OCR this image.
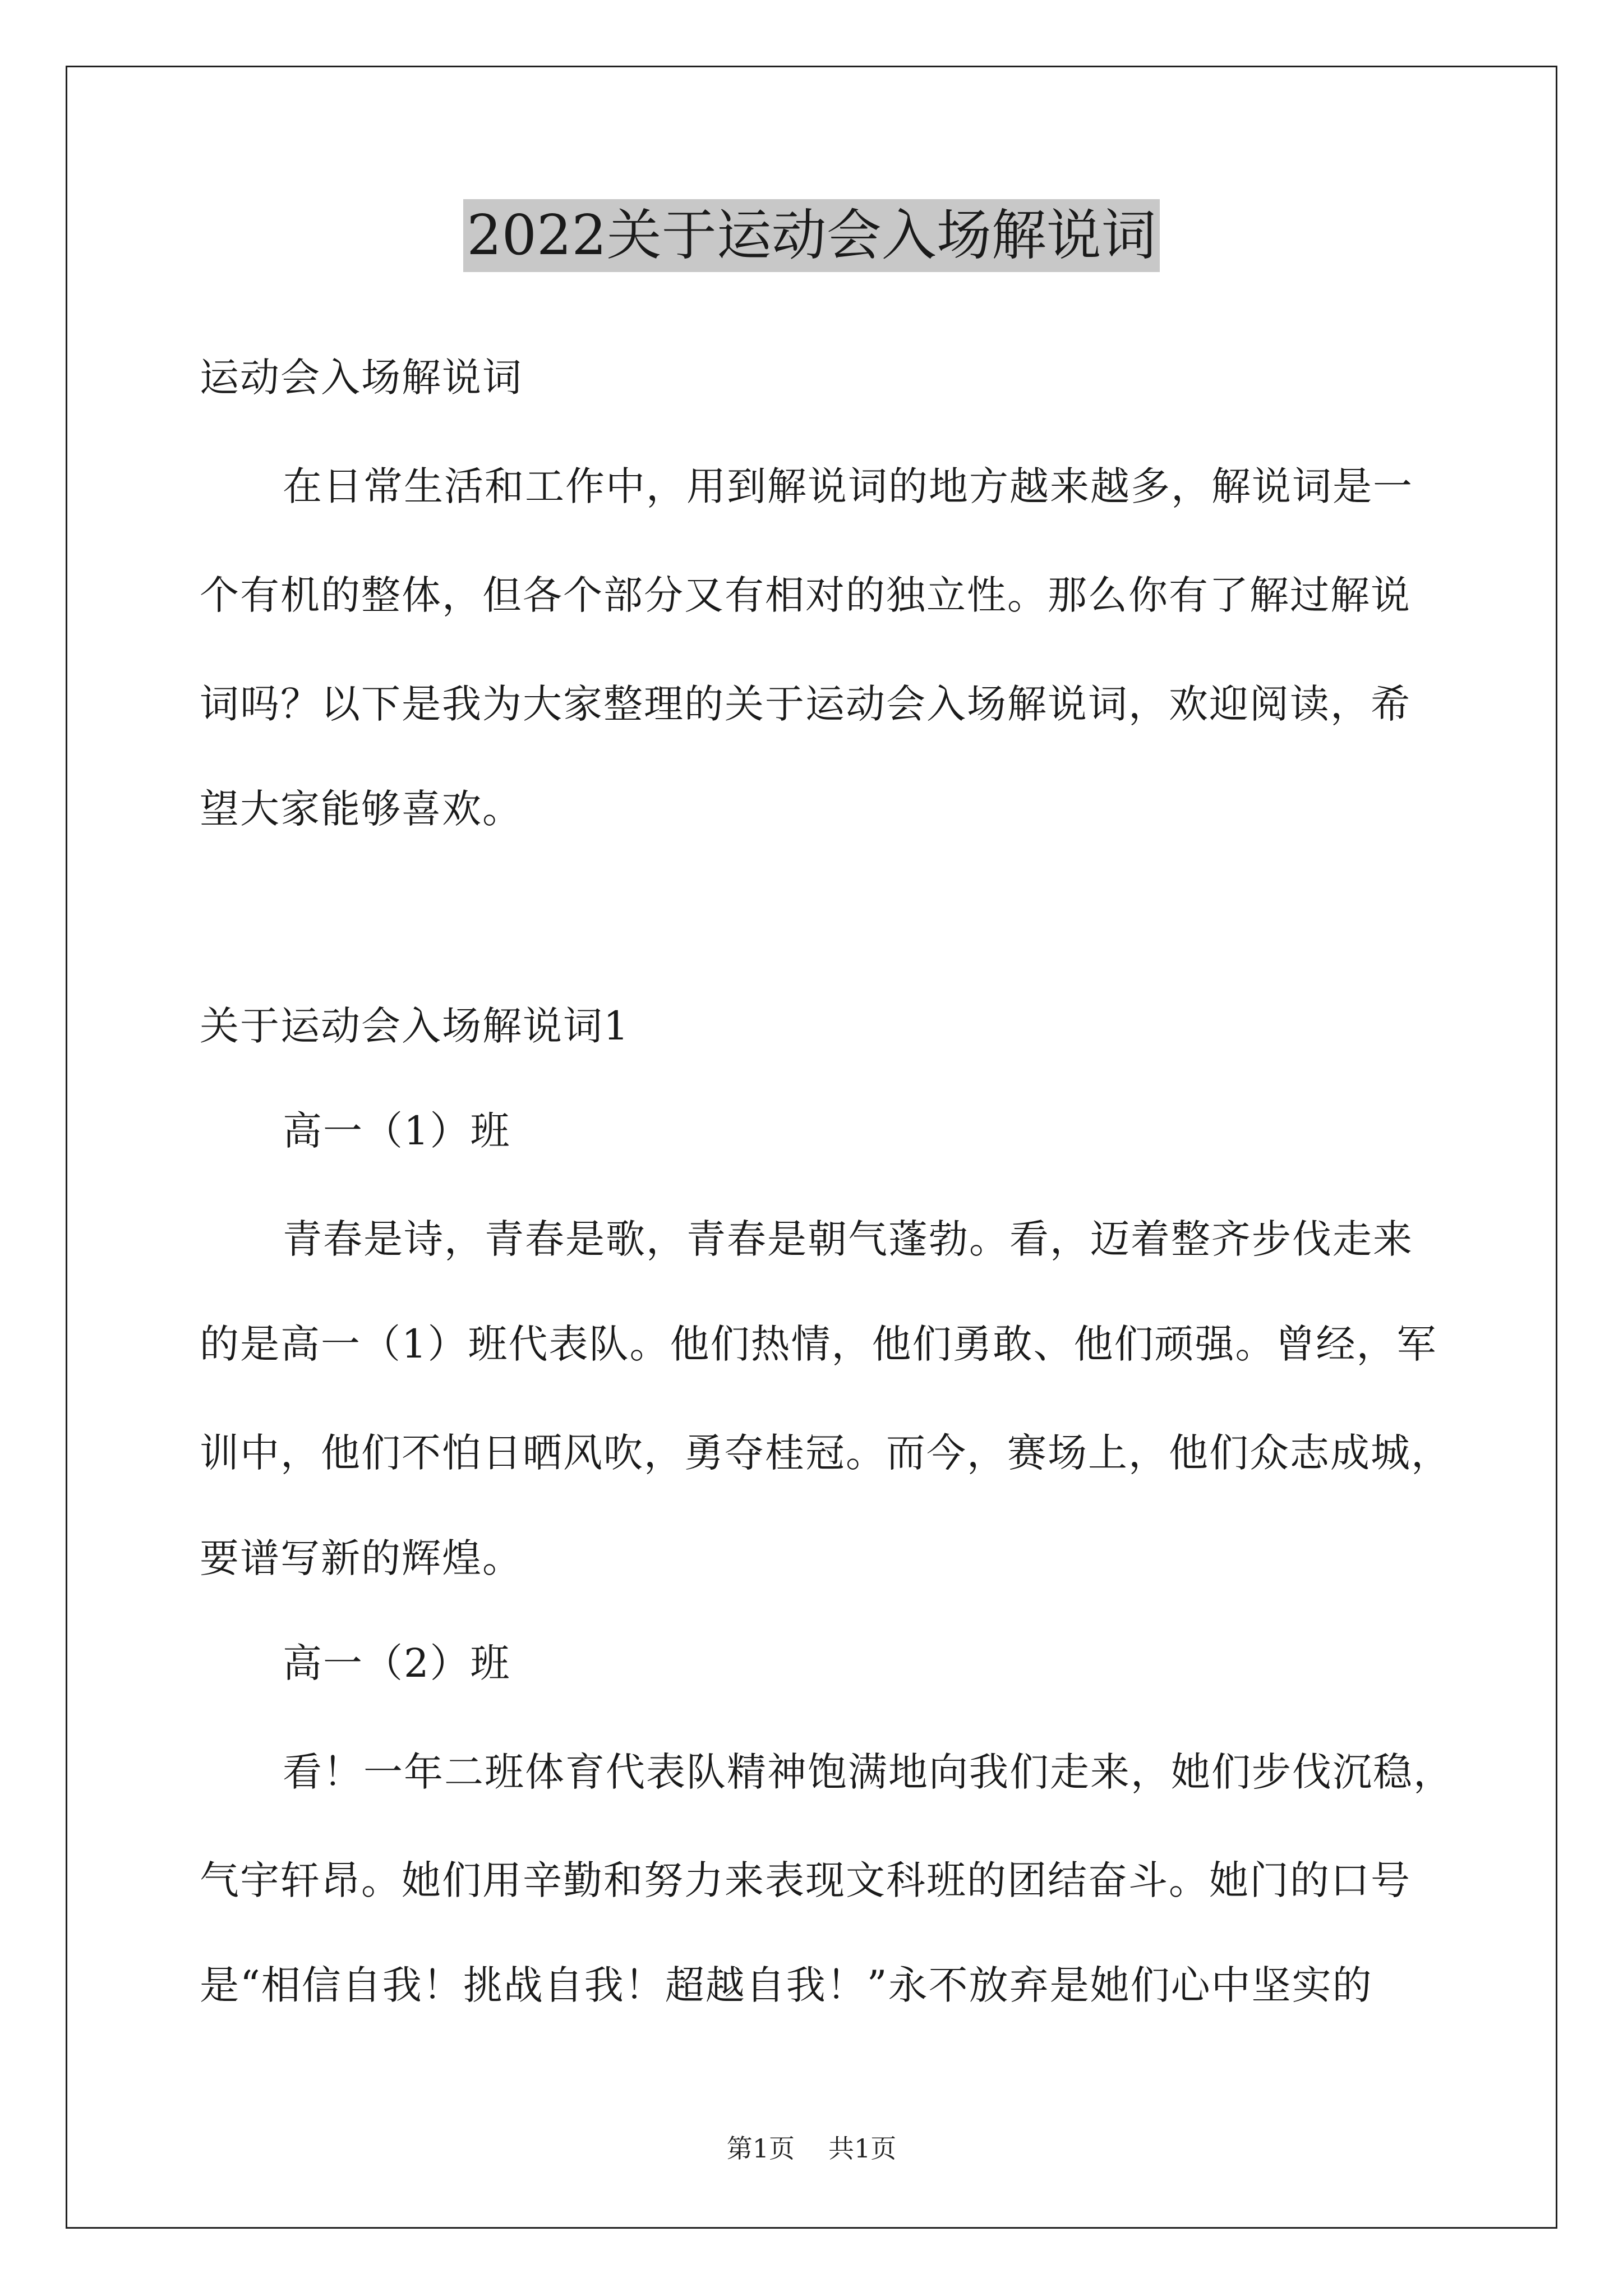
2022关于运动会入场解说词
运动会入场解说词
在日常生活和工作中，用到解说词的地方越来越多，解说词是一
个有机的整体，但各个部分又有相对的独立性。那么你有了解过解说
词吗？以下是我为大家整理的关于运动会入场解说词，欢迎阅读，希
望大家能够喜欢。
关于运动会入场解说词1
高一（1）班
青春是诗，青春是歌，青春是朝气蓬勃。看，迈着整齐步伐走来
的是高一（1）班代表队。他们热情，他们勇敢、他们顽强。曾经，军
训中，他们不怕日晒风吹，勇夺桂冠。而今，赛场上，他们众志成城，
要谱写新的辉煌。
高一（2）班
看！一年二班体育代表队精神饱满地向我们走来，她们步伐沉稳，
气宇轩昂。她们用辛勤和努力来表现文科班的团结奋斗。她门的口号
是“相信自我！挑战自我！超越自我！”永不放弃是她们心中坚实的
第1页 共1页
